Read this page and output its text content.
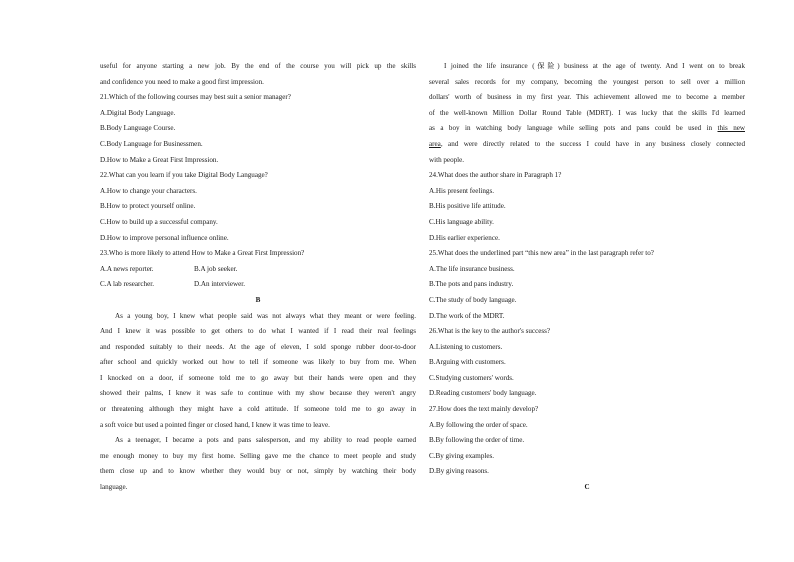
useful for anyone starting a new job. By the end of the course you will pick up the skills
and confidence you need to make a good first impression.
21.Which of the following courses may best suit a senior manager?
A.Digital Body Language.
B.Body Language Course.
C.Body Language for Businessmen.
D.How to Make a Great First Impression.
22.What can you learn if you take Digital Body Language?
A.How to change your characters.
B.How to protect yourself online.
C.How to build up a successful company.
D.How to improve personal influence online.
23.Who is more likely to attend How to Make a Great First Impression?
A.A news reporter.	B.A job seeker.
C.A lab researcher.	D.An interviewer.
B
As a young boy, I knew what people said was not always what they meant or were feeling.
And I knew it was possible to get others to do what I wanted if I read their real feelings
and responded suitably to their needs. At the age of eleven, I sold sponge rubber door-to-door
after school and quickly worked out how to tell if someone was likely to buy from me. When
I knocked on a door, if someone told me to go away but their hands were open and they
showed their palms, I knew it was safe to continue with my show because they weren't angry
or threatening although they might have a cold attitude. If someone told me to go away in
a soft voice but used a pointed finger or closed hand, I knew it was time to leave.
As a teenager, I became a pots and pans salesperson, and my ability to read people earned
me enough money to buy my first home. Selling gave me the chance to meet people and study
them close up and to know whether they would buy or not, simply by watching their body
language.
I joined the life insurance (保险) business at the age of twenty. And I went on to break
several sales records for my company, becoming the youngest person to sell over a million
dollars' worth of business in my first year. This achievement allowed me to become a member
of the well-known Million Dollar Round Table (MDRT). I was lucky that the skills I'd learned
as a boy in watching body language while selling pots and pans could be used in this new
area, and were directly related to the success I could have in any business closely connected
with people.
24.What does the author share in Paragraph 1?
A.His present feelings.
B.His positive life attitude.
C.His language ability.
D.His earlier experience.
25.What does the underlined part “this new area” in the last paragraph refer to?
A.The life insurance business.
B.The pots and pans industry.
C.The study of body language.
D.The work of the MDRT.
26.What is the key to the author's success?
A.Listening to customers.
B.Arguing with customers.
C.Studying customers' words.
D.Reading customers' body language.
27.How does the text mainly develop?
A.By following the order of space.
B.By following the order of time.
C.By giving examples.
D.By giving reasons.
C
